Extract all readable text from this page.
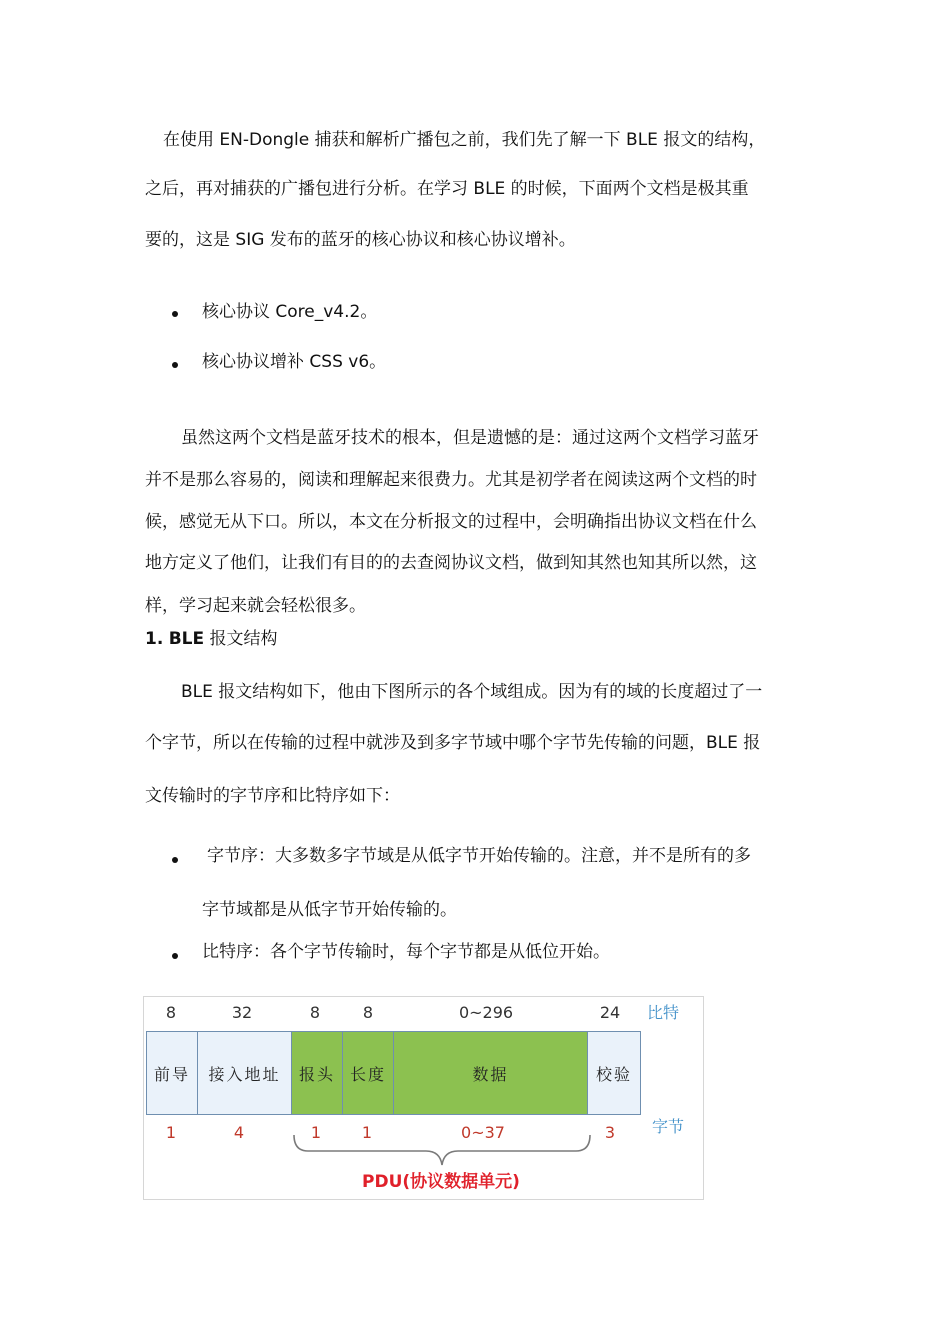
在使用 EN-Dongle 捕获和解析广播包之前，我们先了解一下 BLE 报文的结构，
之后，再对捕获的广播包进行分析。在学习 BLE 的时候，下面两个文档是极其重
要的，这是 SIG 发布的蓝牙的核心协议和核心协议增补。
核心协议 Core_v4.2。
核心协议增补 CSS v6。
虽然这两个文档是蓝牙技术的根本，但是遗憾的是：通过这两个文档学习蓝牙
并不是那么容易的，阅读和理解起来很费力。尤其是初学者在阅读这两个文档的时
候，感觉无从下口。所以，本文在分析报文的过程中，会明确指出协议文档在什么
地方定义了他们，让我们有目的的去查阅协议文档，做到知其然也知其所以然，这
样，学习起来就会轻松很多。
1. BLE 报文结构
BLE 报文结构如下，他由下图所示的各个域组成。因为有的域的长度超过了一
个字节，所以在传输的过程中就涉及到多字节域中哪个字节先传输的问题，BLE 报
文传输时的字节序和比特序如下：
字节序：大多数多字节域是从低字节开始传输的。注意，并不是所有的多
字节域都是从低字节开始传输的。
比特序：各个字节传输时，每个字节都是从低位开始。
8	32	8	8	0~296	24 比特
前导	接入地址	报头 长度	数据	校验
1	4	1	1	0~37	3 字节
PDU(协议数据单元)
